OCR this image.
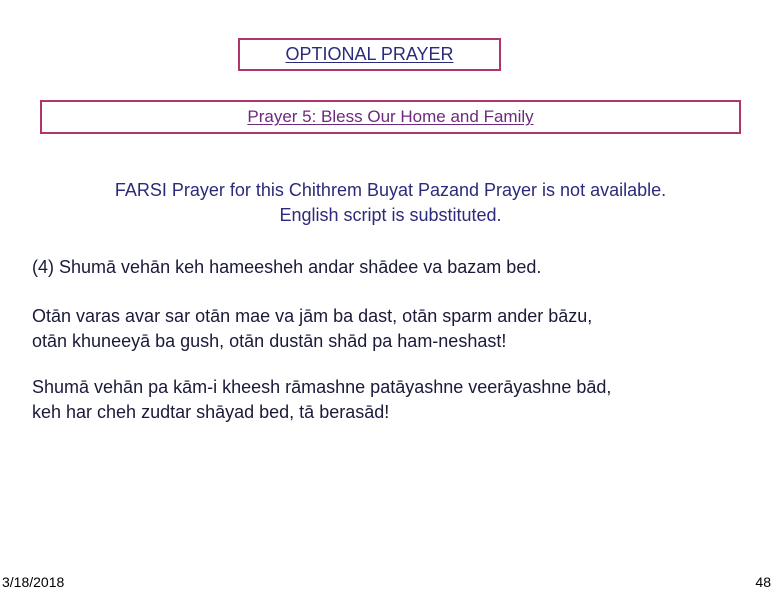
OPTIONAL PRAYER
Prayer 5: Bless Our Home and Family
FARSI Prayer for this Chithrem Buyat Pazand Prayer is not available.
English script is substituted.
(4) Shumā vehān keh hameesheh andar shādee va bazam bed.
Otān varas avar sar otān mae va jām ba dast, otān sparm ander bāzu,
otān khuneeyā ba gush, otān dustān shād pa ham-neshast!
Shumā vehān pa kām-i kheesh rāmashne patāyashne veerāyashne bād,
keh har cheh zudtar shāyad bed, tā berasād!
3/18/2018	48
